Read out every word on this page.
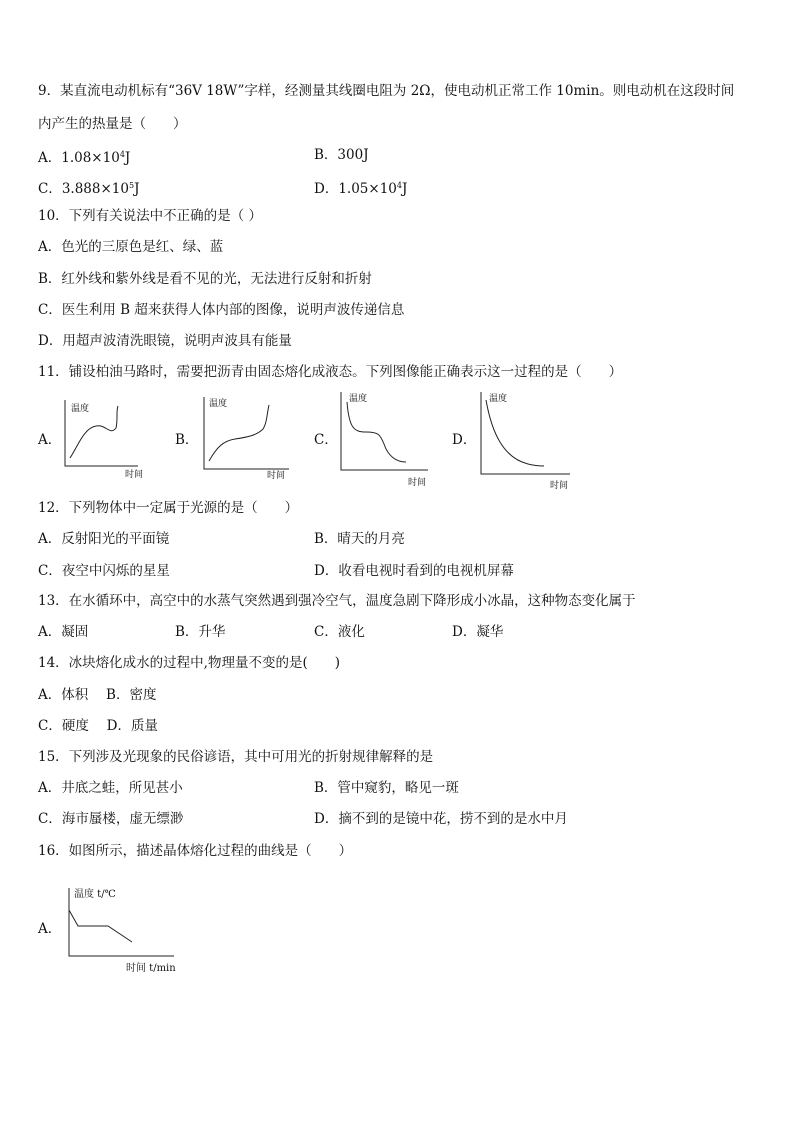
9．某直流电动机标有“36V 18W”字样，经测量其线圈电阻为 2Ω，使电动机正常工作 10min。则电动机在这段时间
内产生的热量是（　　）
A．$1.08\times 10^4J$	B．300J
C．$3.888\times 10^5J$	D．$1.05\times 10^4J$
10．下列有关说法中不正确的是（ ）
A．色光的三原色是红、绿、蓝
B．红外线和紫外线是看不见的光，无法进行反射和折射
C．医生利用 B 超来获得人体内部的图像，说明声波传递信息
D．用超声波清洗眼镜，说明声波具有能量
11．铺设柏油马路时，需要把沥青由固态熔化成液态。下列图像能正确表示这一过程的是（　　）
A．
温度
时间
B．
温度
时间
C．
温度
时间
D．
温度
时间
12．下列物体中一定属于光源的是（　　）
A．反射阳光的平面镜	B．晴天的月亮
C．夜空中闪烁的星星	D．收看电视时看到的电视机屏幕
13．在水循环中，高空中的水蒸气突然遇到强冷空气，温度急剧下降形成小冰晶，这种物态变化属于
A．凝固	B．升华	C．液化	D．凝华
14．冰块熔化成水的过程中,物理量不变的是(　　)
A．体积　 B．密度
C．硬度　 D．质量
15．下列涉及光现象的民俗谚语，其中可用光的折射规律解释的是
A．井底之蛙，所见甚小	B．管中窥豹，略见一斑
C．海市蜃楼，虚无缥渺	D．摘不到的是镜中花，捞不到的是水中月
16．如图所示，描述晶体熔化过程的曲线是（　　）
A．
温度 t/℃
时间 t/min
